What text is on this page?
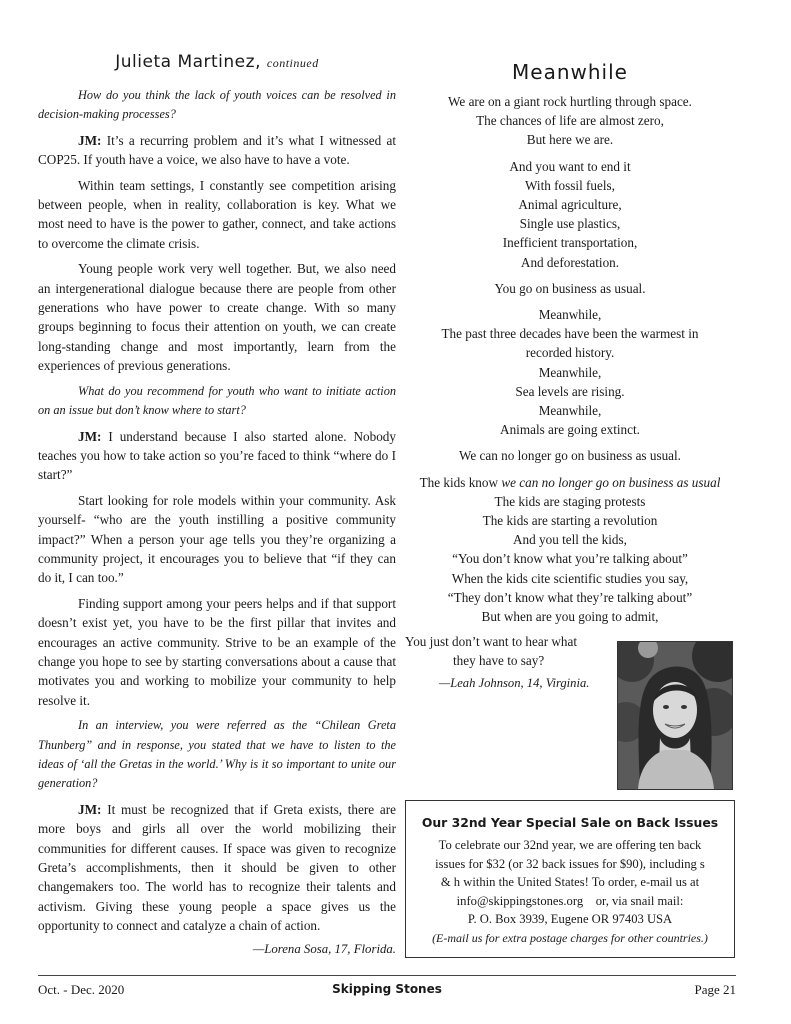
Julieta Martinez, continued

How do you think the lack of youth voices can be resolved in decision-making processes?

JM: It’s a recurring problem and it’s what I witnessed at COP25. If youth have a voice, we also have to have a vote.

Within team settings, I constantly see competition arising between people, when in reality, collaboration is key. What we most need to have is the power to gather, connect, and take actions to overcome the climate crisis.

Young people work very well together. But, we also need an intergenerational dialogue because there are people from other generations who have power to create change. With so many groups beginning to focus their attention on youth, we can create long-standing change and most importantly, learn from the experiences of previous generations.

What do you recommend for youth who want to initiate action on an issue but don’t know where to start?

JM: I understand because I also started alone. Nobody teaches you how to take action so you’re faced to think “where do I start?”

Start looking for role models within your community. Ask yourself- “who are the youth instilling a positive community impact?” When a person your age tells you they’re organizing a community project, it encourages you to believe that “if they can do it, I can too.”

Finding support among your peers helps and if that support doesn’t exist yet, you have to be the first pillar that invites and encourages an active community. Strive to be an example of the change you hope to see by starting conversations about a cause that motivates you and working to mobilize your community to help resolve it.

In an interview, you were referred as the “Chilean Greta Thunberg” and in response, you stated that we have to listen to the ideas of ‘all the Gretas in the world.’ Why is it so important to unite our generation?

JM: It must be recognized that if Greta exists, there are more boys and girls all over the world mobilizing their communities for different causes. If space was given to recognize Greta’s accomplishments, then it should be given to other changemakers too. The world has to recognize their talents and activism. Giving these young people a space gives us the opportunity to connect and catalyze a chain of action.

—Lorena Sosa, 17, Florida.

Meanwhile
We are on a giant rock hurtling through space.
The chances of life are almost zero,
But here we are.
And you want to end it
With fossil fuels,
Animal agriculture,
Single use plastics,
Inefficient transportation,
And deforestation.
You go on business as usual.
Meanwhile,
The past three decades have been the warmest in
recorded history.
Meanwhile,
Sea levels are rising.
Meanwhile,
Animals are going extinct.
We can no longer go on business as usual.
The kids know we can no longer go on business as usual
The kids are staging protests
The kids are starting a revolution
And you tell the kids,
“You don’t know what you’re talking about”
When the kids cite scientific studies you say,
“They don’t know what they’re talking about”
But when are you going to admit,
You just don’t want to hear what
they have to say?
—Leah Johnson, 14, Virginia.
Our 32nd Year Special Sale on Back Issues
To celebrate our 32nd year, we are offering ten back
issues for $32 (or 32 back issues for $90), including s
& h within the United States! To order, e-mail us at
info@skippingstones.org    or, via snail mail:
P. O. Box 3939, Eugene OR 97403 USA
(E-mail us for extra postage charges for other countries.)
Oct. - Dec. 2020	Skipping Stones	Page 21
